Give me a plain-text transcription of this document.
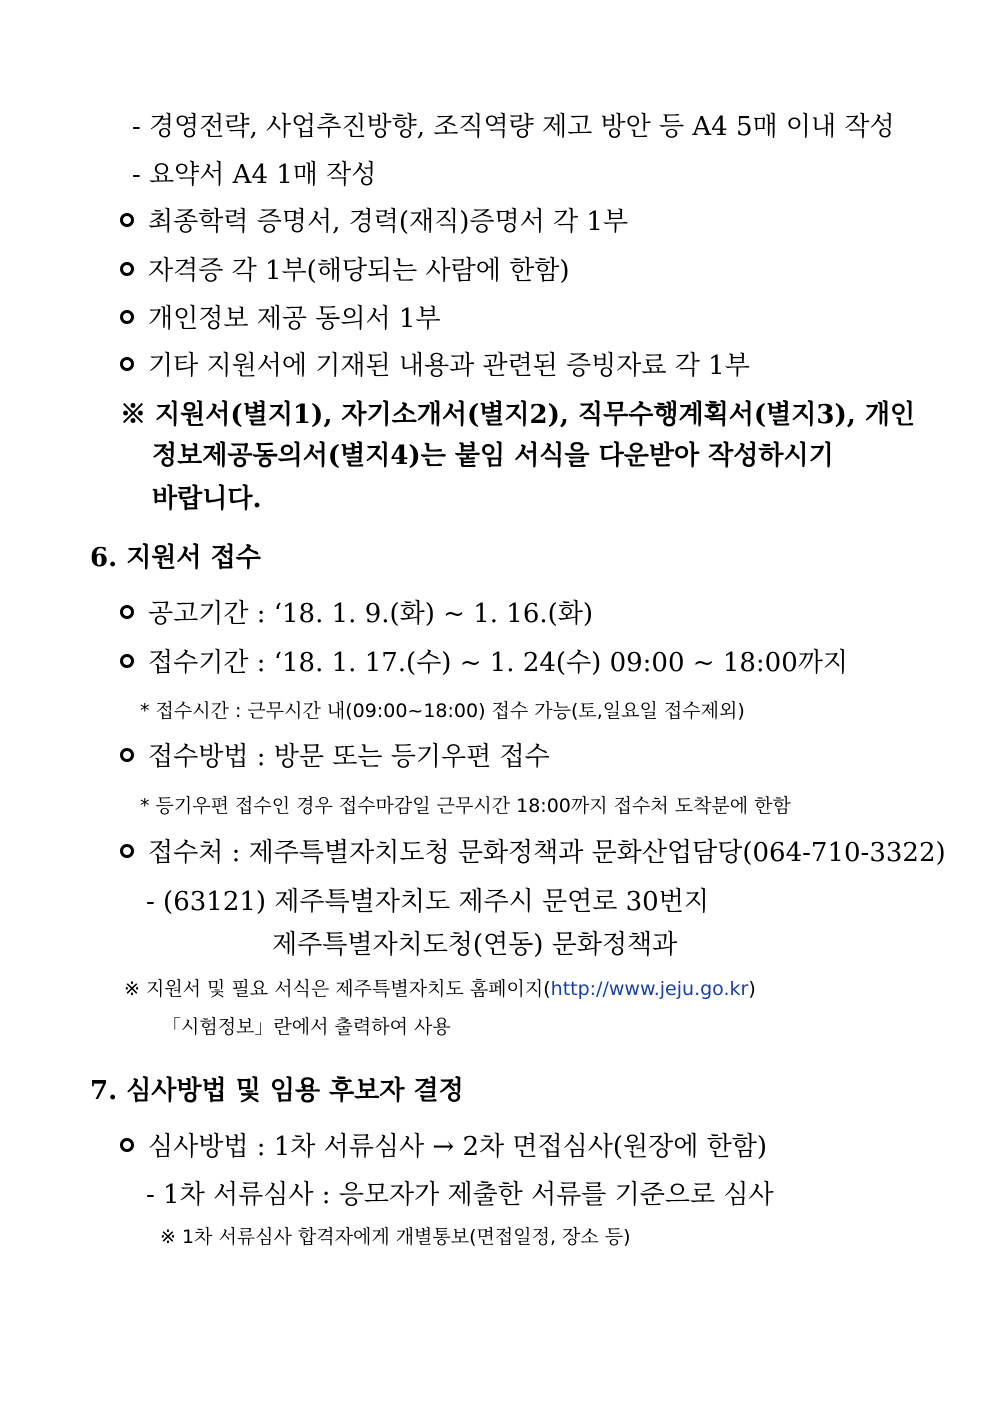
- 경영전략, 사업추진방향, 조직역량 제고 방안 등 A4 5매 이내 작성
- 요약서 A4 1매 작성
최종학력 증명서, 경력(재직)증명서 각 1부
자격증 각 1부(해당되는 사람에 한함)
개인정보 제공 동의서 1부
기타 지원서에 기재된 내용과 관련된 증빙자료 각 1부
※ 지원서(별지1), 자기소개서(별지2), 직무수행계획서(별지3), 개인
정보제공동의서(별지4)는 붙임 서식을 다운받아 작성하시기
바랍니다.
6. 지원서 접수
공고기간 : ‘18. 1. 9.(화) ~ 1. 16.(화)
접수기간 : ‘18. 1. 17.(수) ~ 1. 24(수) 09:00 ~ 18:00까지
* 접수시간 : 근무시간 내(09:00~18:00) 접수 가능(토,일요일 접수제외)
접수방법 : 방문 또는 등기우편 접수
* 등기우편 접수인 경우 접수마감일 근무시간 18:00까지 접수처 도착분에 한함
접수처 : 제주특별자치도청 문화정책과 문화산업담당(064-710-3322)
- (63121) 제주특별자치도 제주시 문연로 30번지
제주특별자치도청(연동) 문화정책과
※ 지원서 및 필요 서식은 제주특별자치도 홈페이지(http://www.jeju.go.kr)
「시험정보」란에서 출력하여 사용
7. 심사방법 및 임용 후보자 결정
심사방법 : 1차 서류심사 → 2차 면접심사(원장에 한함)
- 1차 서류심사 : 응모자가 제출한 서류를 기준으로 심사
※ 1차 서류심사 합격자에게 개별통보(면접일정, 장소 등)
